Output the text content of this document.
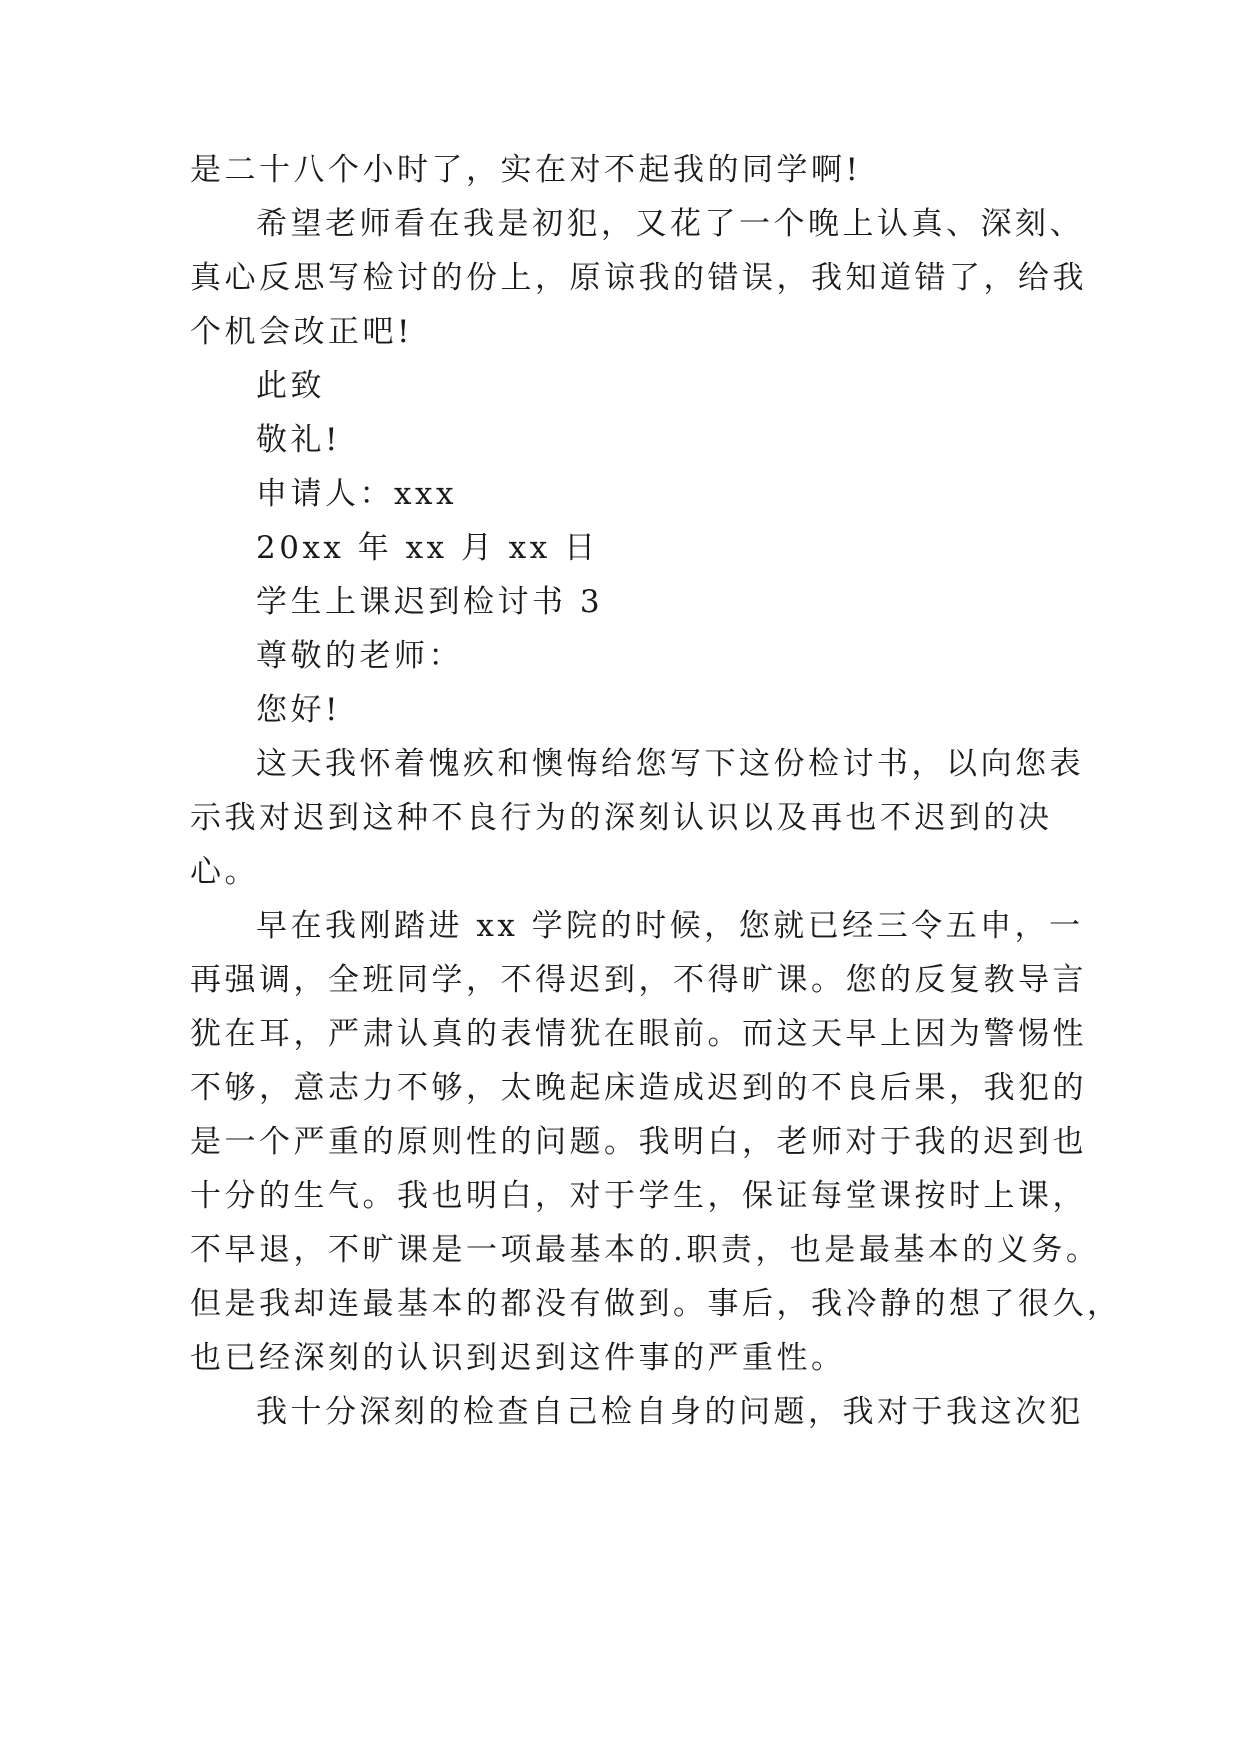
是二十八个小时了，实在对不起我的同学啊!

希望老师看在我是初犯，又花了一个晚上认真、深刻、

真心反思写检讨的份上，原谅我的错误，我知道错了，给我

个机会改正吧!

此致

敬礼!

申请人：xxx

20xx 年 xx 月 xx 日

学生上课迟到检讨书 3

尊敬的老师：

您好!

这天我怀着愧疚和懊悔给您写下这份检讨书，以向您表

示我对迟到这种不良行为的深刻认识以及再也不迟到的决

心。

早在我刚踏进 xx 学院的时候，您就已经三令五申，一

再强调，全班同学，不得迟到，不得旷课。您的反复教导言

犹在耳，严肃认真的表情犹在眼前。而这天早上因为警惕性

不够，意志力不够，太晚起床造成迟到的不良后果，我犯的

是一个严重的原则性的问题。我明白，老师对于我的迟到也

十分的生气。我也明白，对于学生，保证每堂课按时上课，

不早退，不旷课是一项最基本的.职责，也是最基本的义务。

但是我却连最基本的都没有做到。事后，我冷静的想了很久，

也已经深刻的认识到迟到这件事的严重性。

我十分深刻的检查自己检自身的问题，我对于我这次犯
